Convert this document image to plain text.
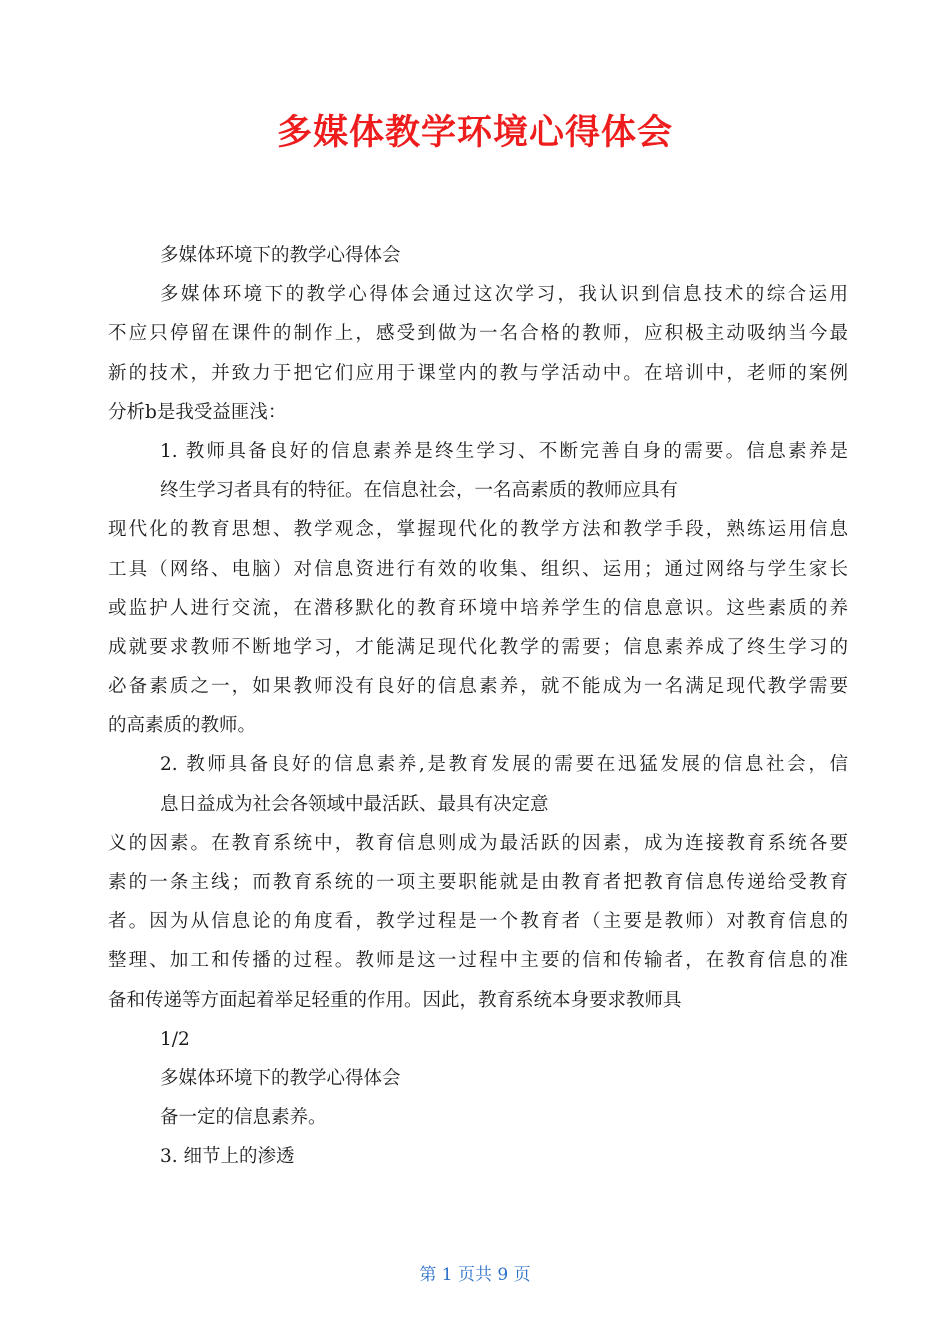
多媒体教学环境心得体会
多媒体环境下的教学心得体会
多媒体环境下的教学心得体会通过这次学习，我认识到信息技术的综合运用
不应只停留在课件的制作上，感受到做为一名合格的教师，应积极主动吸纳当今最
新的技术，并致力于把它们应用于课堂内的教与学活动中。在培训中，老师的案例
分析b是我受益匪浅：
1. 教师具备良好的信息素养是终生学习、不断完善自身的需要。信息素养是
终生学习者具有的特征。在信息社会，一名高素质的教师应具有
现代化的教育思想、教学观念，掌握现代化的教学方法和教学手段，熟练运用信息
工具（网络、电脑）对信息资进行有效的收集、组织、运用；通过网络与学生家长
或监护人进行交流，在潜移默化的教育环境中培养学生的信息意识。这些素质的养
成就要求教师不断地学习，才能满足现代化教学的需要；信息素养成了终生学习的
必备素质之一，如果教师没有良好的信息素养，就不能成为一名满足现代教学需要
的高素质的教师。
2. 教师具备良好的信息素养,是教育发展的需要在迅猛发展的信息社会，信
息日益成为社会各领域中最活跃、最具有决定意
义的因素。在教育系统中，教育信息则成为最活跃的因素，成为连接教育系统各要
素的一条主线；而教育系统的一项主要职能就是由教育者把教育信息传递给受教育
者。因为从信息论的角度看，教学过程是一个教育者（主要是教师）对教育信息的
整理、加工和传播的过程。教师是这一过程中主要的信和传输者，在教育信息的准
备和传递等方面起着举足轻重的作用。因此，教育系统本身要求教师具
1/2
多媒体环境下的教学心得体会
备一定的信息素养。
3. 细节上的渗透
第 1 页共 9 页
